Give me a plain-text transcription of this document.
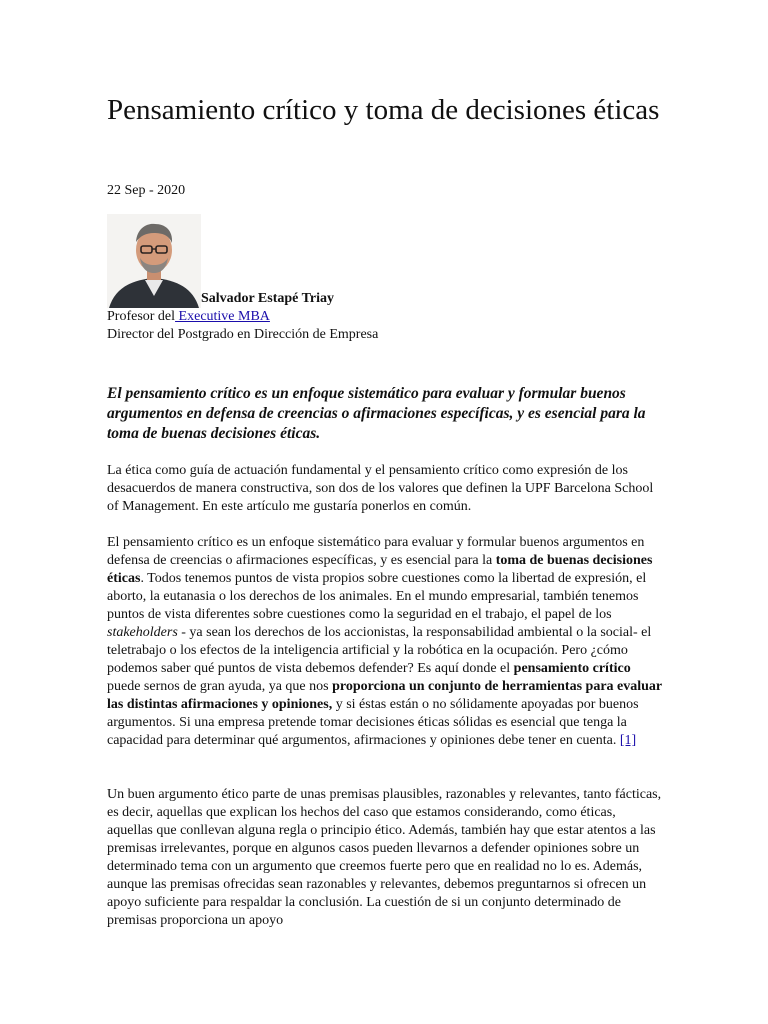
Pensamiento crítico y toma de decisiones éticas

22 Sep - 2020

Salvador Estapé Triay
Profesor del Executive MBA
Director del Postgrado en Dirección de Empresa

El pensamiento crítico es un enfoque sistemático para evaluar y formular buenos argumentos en defensa de creencias o afirmaciones específicas, y es esencial para la toma de buenas decisiones éticas.

La ética como guía de actuación fundamental y el pensamiento crítico como expresión de los desacuerdos de manera constructiva, son dos de los valores que definen la UPF Barcelona School of Management. En este artículo me gustaría ponerlos en común.

El pensamiento crítico es un enfoque sistemático para evaluar y formular buenos argumentos en defensa de creencias o afirmaciones específicas, y es esencial para la toma de buenas decisiones éticas. Todos tenemos puntos de vista propios sobre cuestiones como la libertad de expresión, el aborto, la eutanasia o los derechos de los animales. En el mundo empresarial, también tenemos puntos de vista diferentes sobre cuestiones como la seguridad en el trabajo, el papel de los stakeholders - ya sean los derechos de los accionistas, la responsabilidad ambiental o la social- el teletrabajo o los efectos de la inteligencia artificial y la robótica en la ocupación. Pero ¿cómo podemos saber qué puntos de vista debemos defender? Es aquí donde el pensamiento crítico puede sernos de gran ayuda, ya que nos proporciona un conjunto de herramientas para evaluar las distintas afirmaciones y opiniones, y si éstas están o no sólidamente apoyadas por buenos argumentos. Si una empresa pretende tomar decisiones éticas sólidas es esencial que tenga la capacidad para determinar qué argumentos, afirmaciones y opiniones debe tener en cuenta. [1]

Un buen argumento ético parte de unas premisas plausibles, razonables y relevantes, tanto fácticas, es decir, aquellas que explican los hechos del caso que estamos considerando, como éticas, aquellas que conllevan alguna regla o principio ético. Además, también hay que estar atentos a las premisas irrelevantes, porque en algunos casos pueden llevarnos a defender opiniones sobre un determinado tema con un argumento que creemos fuerte pero que en realidad no lo es. Además, aunque las premisas ofrecidas sean razonables y relevantes, debemos preguntarnos si ofrecen un apoyo suficiente para respaldar la conclusión. La cuestión de si un conjunto determinado de premisas proporciona un apoyo
